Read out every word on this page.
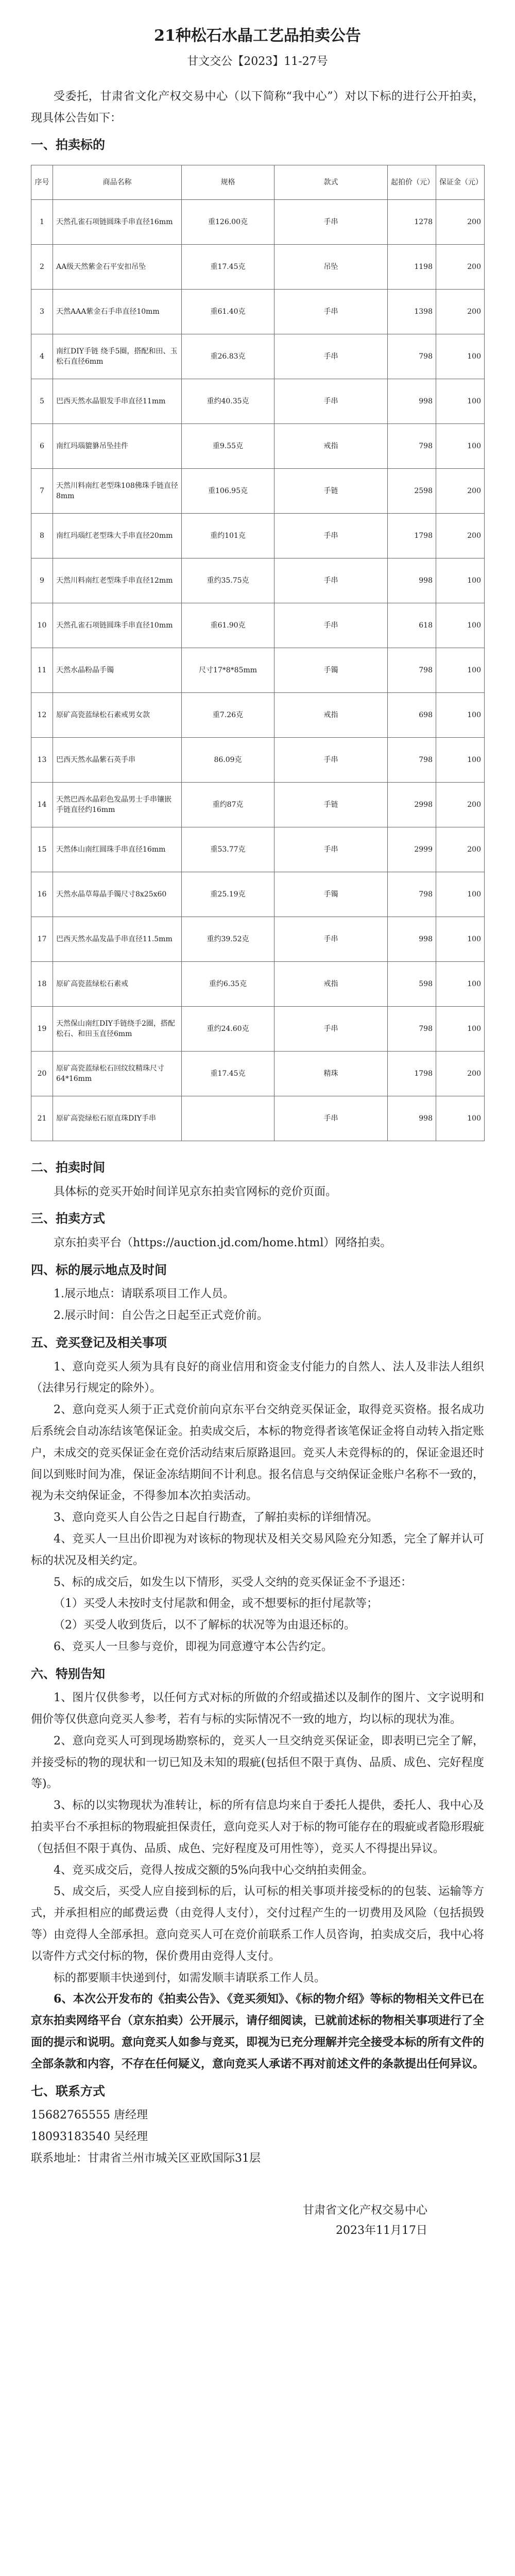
21种松石水晶工艺品拍卖公告
甘文交公【2023】11-27号

受委托，甘肃省文化产权交易中心（以下简称“我中心”）对以下标的进行公开拍卖，现具体公告如下：

一、拍卖标的
序号	商品名称	规格	款式	起拍价（元）	保证金（元）
1	天然孔雀石项链圆珠手串直径16mm	重126.00克	手串	1278	200
2	AA级天然紫金石平安扣吊坠	重17.45克	吊坠	1198	200
3	天然AAA紫金石手串直径10mm	重61.40克	手串	1398	200
4	南红DIY手链 绕手5圈，搭配和田、玉松石直径6mm	重26.83克	手串	798	100
5	巴西天然水晶银发手串直径11mm	重约40.35克	手串	998	100
6	南红玛瑙貔貅吊坠挂件	重9.55克	戒指	798	100
7	天然川料南红老型珠108佛珠手链直径8mm	重106.95克	手链	2598	200
8	南红玛瑙红老型珠大手串直径20mm	重约101克	手串	1798	200
9	天然川料南红老型珠手串直径12mm	重约35.75克	手串	998	100
10	天然孔雀石项链圆珠手串直径10mm	重61.90克	手串	618	100
11	天然水晶粉晶手镯	尺寸17*8*85mm	手镯	798	100
12	原矿高瓷蓝绿松石素戒男女款	重7.26克	戒指	698	100
13	巴西天然水晶紫石英手串	86.09克	手串	798	100
14	天然巴西水晶彩色发晶男士手串镶嵌手链直径约16mm	重约87克	手链	2998	200
15	天然体山南红圆珠手串直径16mm	重53.77克	手串	2999	200
16	天然水晶草莓晶手镯尺寸8x25x60	重25.19克	手镯	798	100
17	巴西天然水晶发晶手串直径11.5mm	重约39.52克	手串	998	100
18	原矿高瓷蓝绿松石素戒	重约6.35克	戒指	598	100
19	天然保山南红DIY手链绕手2圈，搭配松石、和田玉直径6mm	重约24.60克	手串	798	100
20	原矿高瓷蓝绿松石回纹纹精珠尺寸64*16mm	重17.45克	精珠	1798	200
21	原矿高瓷绿松石原直珠DIY手串		手串	998	100
二、拍卖时间

具体标的竞买开始时间详见京东拍卖官网标的竞价页面。

三、拍卖方式

京东拍卖平台（https://auction.jd.com/home.html）网络拍卖。

四、标的展示地点及时间

1.展示地点：请联系项目工作人员。

2.展示时间：自公告之日起至正式竞价前。

五、竞买登记及相关事项

1、意向竞买人须为具有良好的商业信用和资金支付能力的自然人、法人及非法人组织（法律另行规定的除外）。

2、意向竞买人须于正式竞价前向京东平台交纳竞买保证金，取得竞买资格。报名成功后系统会自动冻结该笔保证金。拍卖成交后，本标的物竞得者该笔保证金将自动转入指定账户，未成交的竞买保证金在竞价活动结束后原路退回。竞买人未竞得标的的，保证金退还时间以到账时间为准，保证金冻结期间不计利息。报名信息与交纳保证金账户名称不一致的，视为未交纳保证金，不得参加本次拍卖活动。

3、意向竞买人自公告之日起自行勘查，了解拍卖标的详细情况。

4、竞买人一旦出价即视为对该标的物现状及相关交易风险充分知悉，完全了解并认可标的状况及相关约定。

5、标的成交后，如发生以下情形，买受人交纳的竞买保证金不予退还：

（1）买受人未按时支付尾款和佣金，或不想要标的拒付尾款等；

（2）买受人收到货后，以不了解标的状况等为由退还标的。

6、竞买人一旦参与竞价，即视为同意遵守本公告约定。

六、特别告知

1、图片仅供参考，以任何方式对标的所做的介绍或描述以及制作的图片、文字说明和佣价等仅供意向竞买人参考，若有与标的实际情况不一致的地方，均以标的现状为准。

2、意向竞买人可到现场勘察标的，竞买人一旦交纳竞买保证金，即表明已完全了解，并接受标的物的现状和一切已知及未知的瑕疵(包括但不限于真伪、品质、成色、完好程度等)。

3、标的以实物现状为准转让，标的所有信息均来自于委托人提供，委托人、我中心及拍卖平台不承担标的物瑕疵担保责任，意向竞买人对于标的物可能存在的瑕疵或者隐形瑕疵（包括但不限于真伪、品质、成色、完好程度及可用性等），竞买人不得提出异议。

4、竞买成交后，竞得人按成交额的5%向我中心交纳拍卖佣金。

5、成交后，买受人应自接到标的后，认可标的相关事项并接受标的的包装、运输等方式，并承担相应的邮费运费（由竞得人支付），交付过程产生的一切费用及风险（包括损毁等）由竞得人全部承担。意向竞买人可在竞价前联系工作人员咨询，拍卖成交后，我中心将以寄件方式交付标的物，保价费用由竞得人支付。

标的都要顺丰快递到付，如需发顺丰请联系工作人员。

6、本次公开发布的《拍卖公告》、《竞买须知》、《标的物介绍》等标的物相关文件已在京东拍卖网络平台（京东拍卖）公开展示，请仔细阅读，已就前述标的物相关事项进行了全面的提示和说明。意向竞买人如参与竞买，即视为已充分理解并完全接受本标的所有文件的全部条款和内容，不存在任何疑义，意向竞买人承诺不再对前述文件的条款提出任何异议。

七、联系方式
15682765555 唐经理
18093183540 吴经理
联系地址：甘肃省兰州市城关区亚欧国际31层
甘肃省文化产权交易中心
2023年11月17日
